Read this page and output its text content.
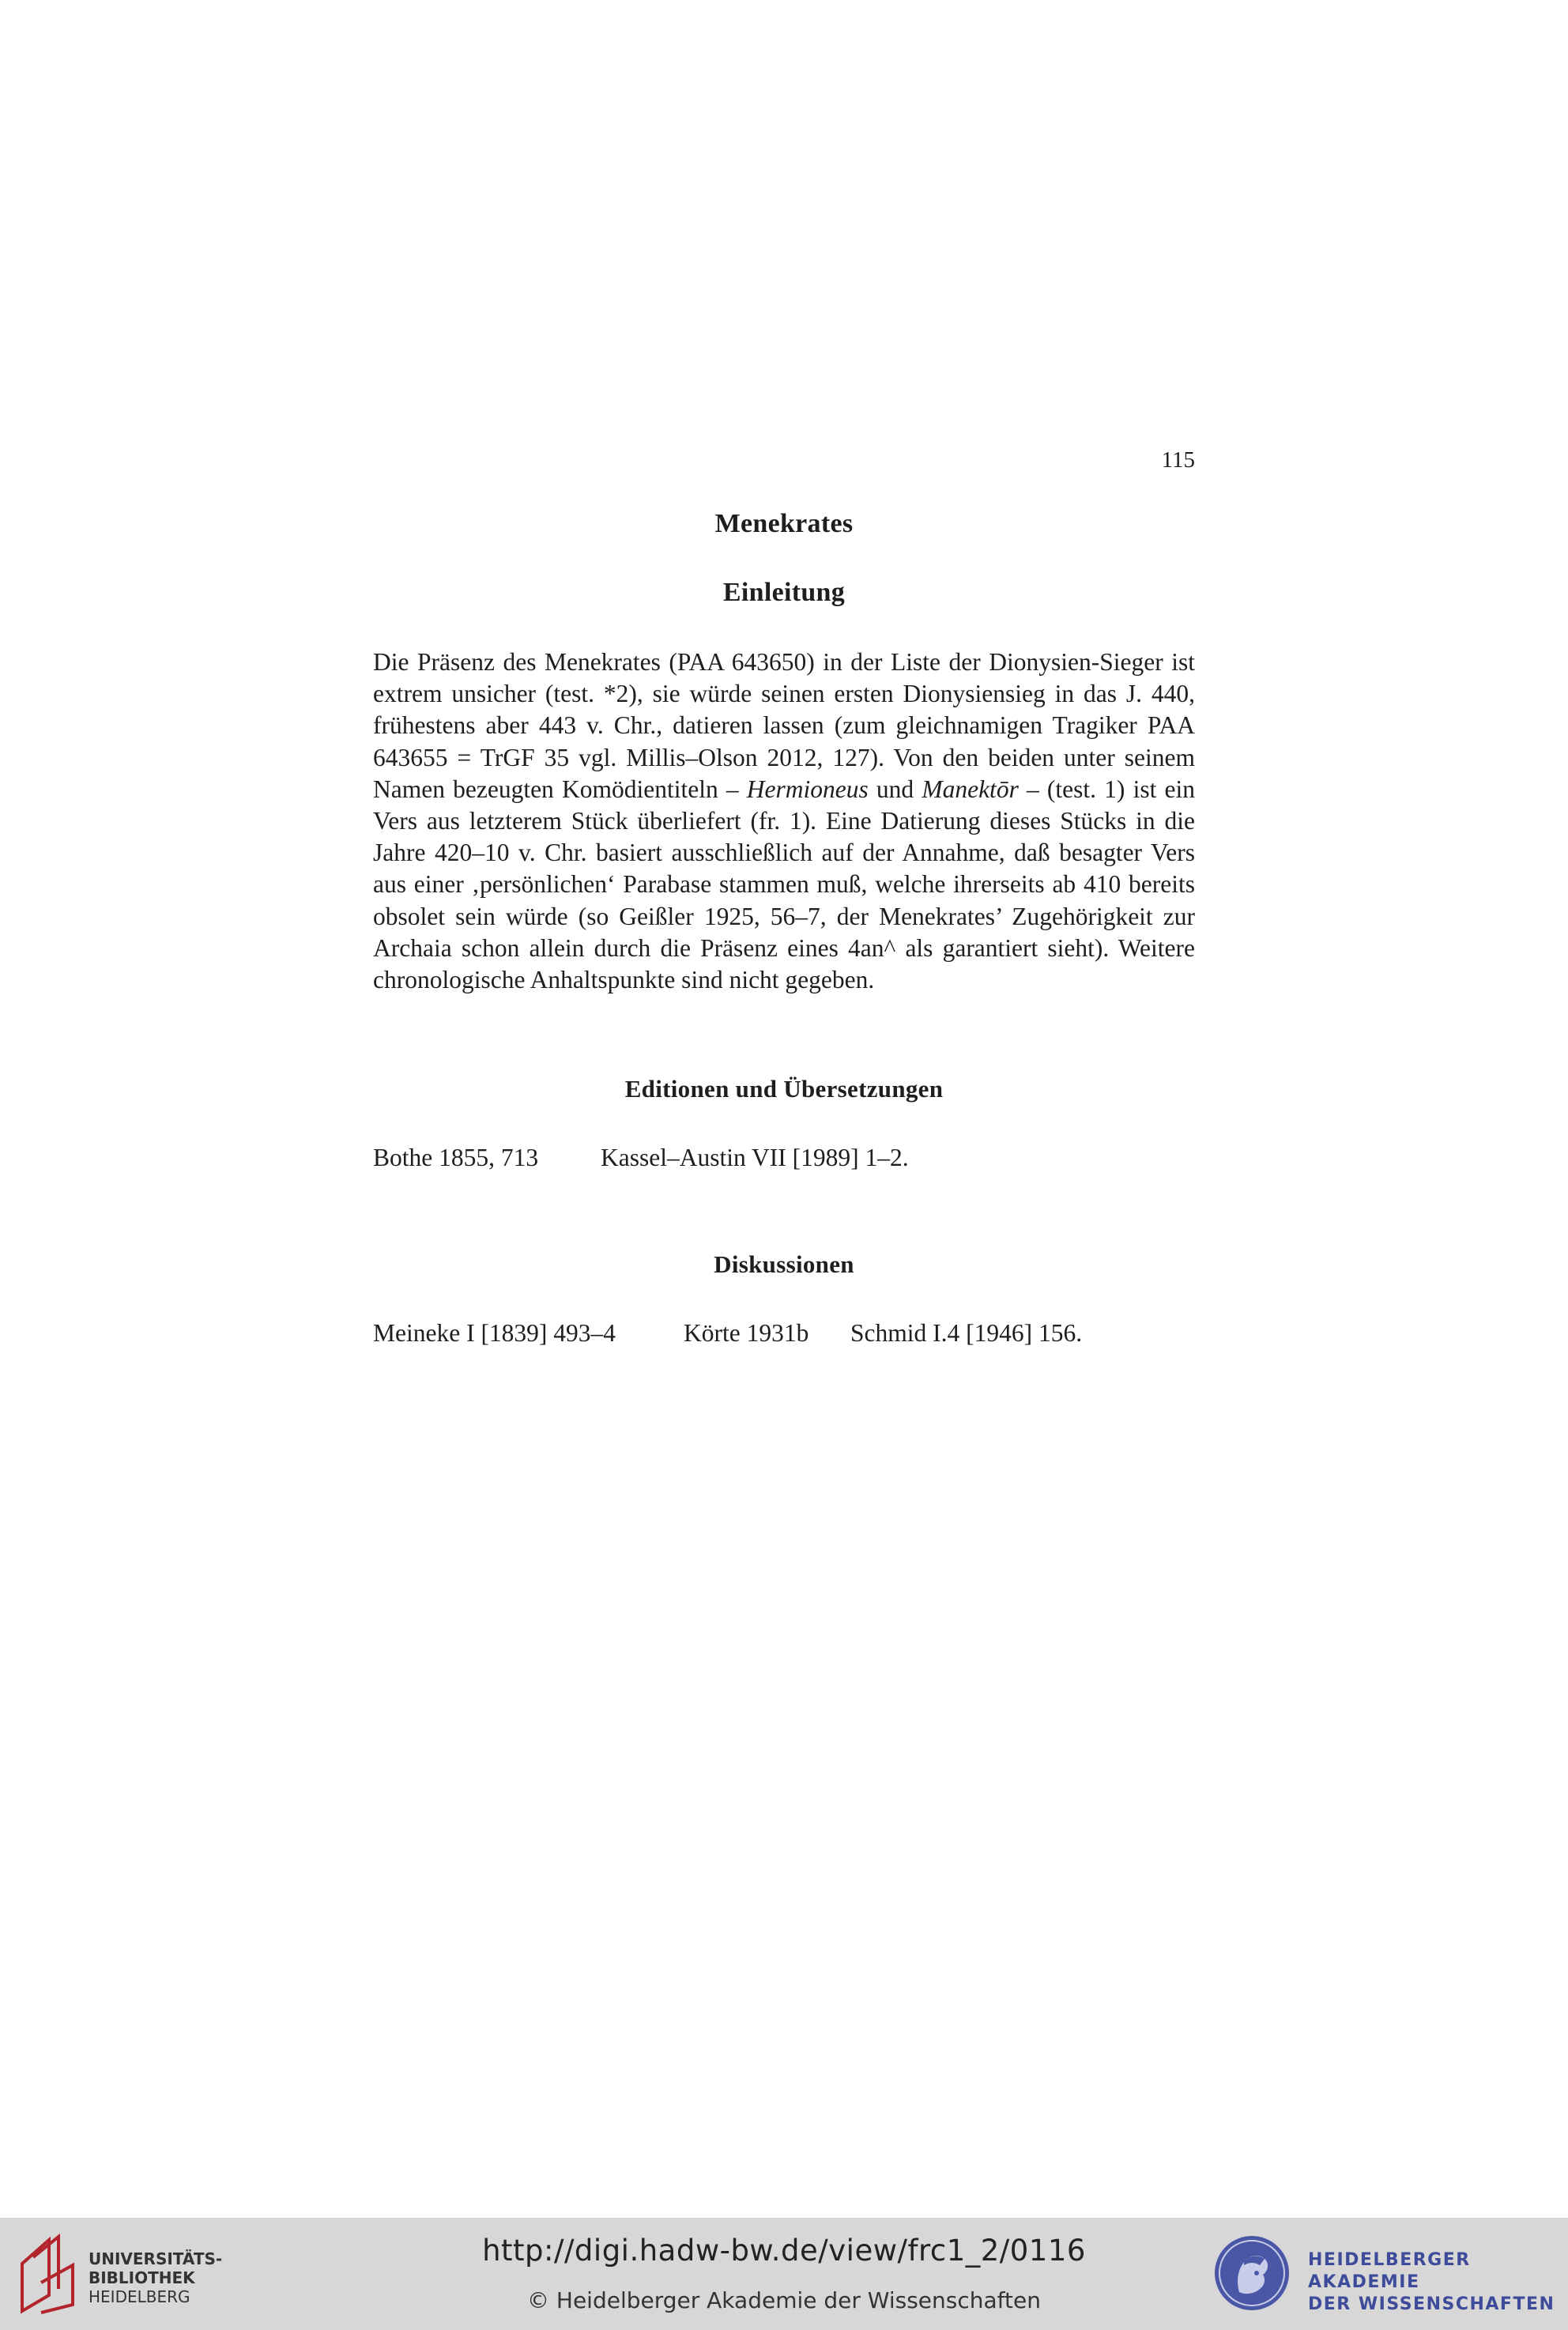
115
Menekrates
Einleitung

Die Präsenz des Menekrates (PAA 643650) in der Liste der Dionysien-Sieger ist extrem unsicher (test. *2), sie würde seinen ersten Dionysiensieg in das J. 440, frühestens aber 443 v. Chr., datieren lassen (zum gleichnamigen Tragiker PAA 643655 = TrGF 35 vgl. Millis–Olson 2012, 127). Von den beiden unter seinem Namen bezeugten Komödientiteln – Hermioneus und Manektōr – (test. 1) ist ein Vers aus letzterem Stück überliefert (fr. 1). Eine Datierung dieses Stücks in die Jahre 420–10 v. Chr. basiert ausschließlich auf der Annahme, daß besagter Vers aus einer ‚persönlichen‘ Parabase stammen muß, welche ihrerseits ab 410 bereits obsolet sein würde (so Geißler 1925, 56–7, der Menekrates’ Zugehörigkeit zur Archaia schon allein durch die Präsenz eines 4an^ als garantiert sieht). Weitere chronologische Anhaltspunkte sind nicht gegeben.

Editionen und Übersetzungen
Bothe 1855, 713	Kassel–Austin VII [1989] 1–2.
Diskussionen
Meineke I [1839] 493–4	Körte 1931b Schmid I.4 [1946] 156.
UNIVERSITÄTS-
BIBLIOTHEK
HEIDELBERG
http://digi.hadw-bw.de/view/frc1_2/0116
© Heidelberger Akademie der Wissenschaften
HEIDELBERGER AKADEMIE
DER WISSENSCHAFTEN
